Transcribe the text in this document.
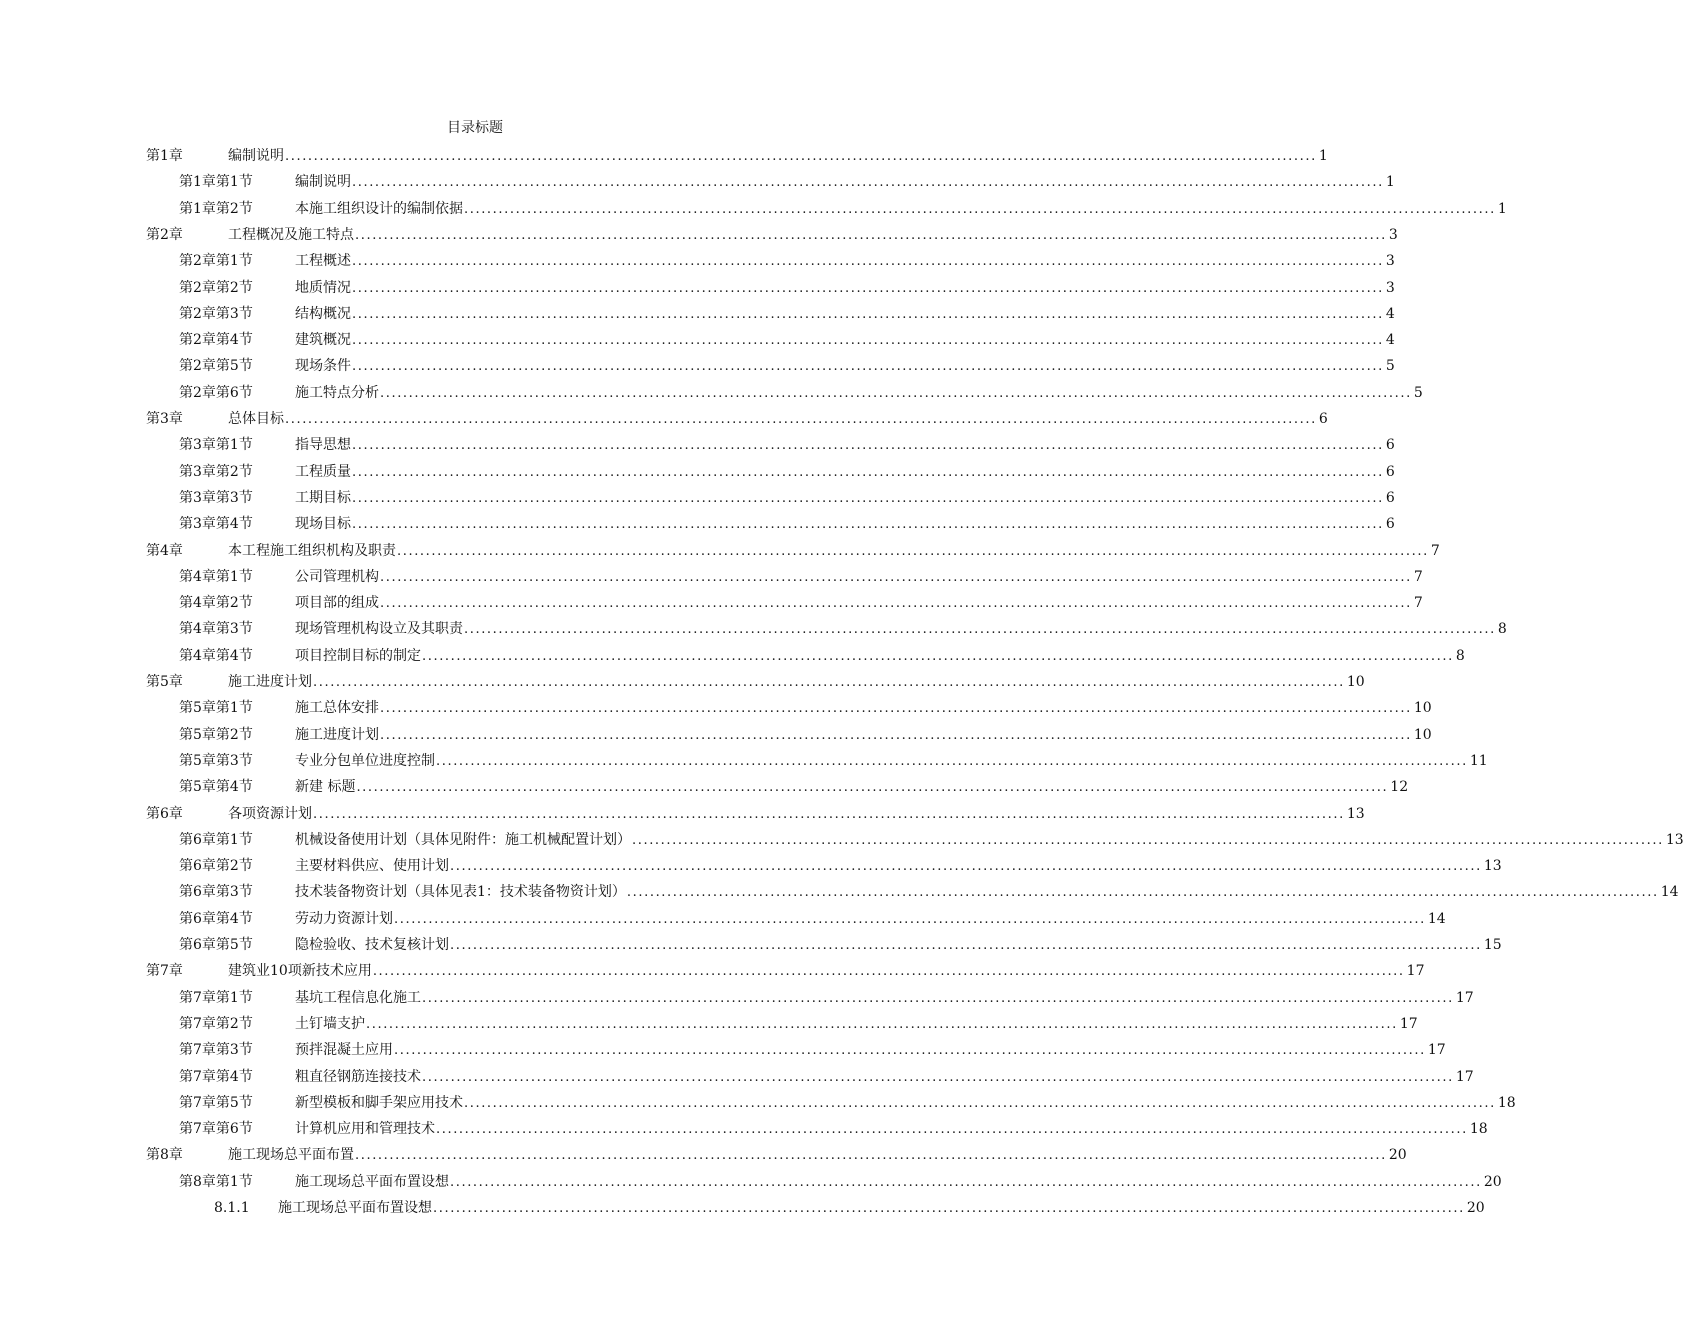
目录标题
第1章	编制说明 .................................................................................................................................................................................... 1
第1章第1节	编制说明 .................................................................................................................................................................................... 1
第1章第2节	本施工组织设计的编制依据 .................................................................................................................................................................................... 1
第2章	工程概况及施工特点 .................................................................................................................................................................................... 3
第2章第1节	工程概述 .................................................................................................................................................................................... 3
第2章第2节	地质情况 .................................................................................................................................................................................... 3
第2章第3节	结构概况 .................................................................................................................................................................................... 4
第2章第4节	建筑概况 .................................................................................................................................................................................... 4
第2章第5节	现场条件 .................................................................................................................................................................................... 5
第2章第6节	施工特点分析 .................................................................................................................................................................................... 5
第3章	总体目标 .................................................................................................................................................................................... 6
第3章第1节	指导思想 .................................................................................................................................................................................... 6
第3章第2节	工程质量 .................................................................................................................................................................................... 6
第3章第3节	工期目标 .................................................................................................................................................................................... 6
第3章第4节	现场目标 .................................................................................................................................................................................... 6
第4章	本工程施工组织机构及职责 .................................................................................................................................................................................... 7
第4章第1节	公司管理机构 .................................................................................................................................................................................... 7
第4章第2节	项目部的组成 .................................................................................................................................................................................... 7
第4章第3节	现场管理机构设立及其职责 .................................................................................................................................................................................... 8
第4章第4节	项目控制目标的制定 .................................................................................................................................................................................... 8
第5章	施工进度计划 .................................................................................................................................................................................... 10
第5章第1节	施工总体安排 .................................................................................................................................................................................... 10
第5章第2节	施工进度计划 .................................................................................................................................................................................... 10
第5章第3节	专业分包单位进度控制 .................................................................................................................................................................................... 11
第5章第4节	新建 标题 .................................................................................................................................................................................... 12
第6章	各项资源计划 .................................................................................................................................................................................... 13
第6章第1节	机械设备使用计划（具体见附件：施工机械配置计划） .................................................................................................................................................................................... 13
第6章第2节	主要材料供应、使用计划 .................................................................................................................................................................................... 13
第6章第3节	技术装备物资计划（具体见表1：技术装备物资计划） .................................................................................................................................................................................... 14
第6章第4节	劳动力资源计划 .................................................................................................................................................................................... 14
第6章第5节	隐检验收、技术复核计划 .................................................................................................................................................................................... 15
第7章	建筑业10项新技术应用 .................................................................................................................................................................................... 17
第7章第1节	基坑工程信息化施工 .................................................................................................................................................................................... 17
第7章第2节	土钉墙支护 .................................................................................................................................................................................... 17
第7章第3节	预拌混凝土应用 .................................................................................................................................................................................... 17
第7章第4节	粗直径钢筋连接技术 .................................................................................................................................................................................... 17
第7章第5节	新型模板和脚手架应用技术 .................................................................................................................................................................................... 18
第7章第6节	计算机应用和管理技术 .................................................................................................................................................................................... 18
第8章	施工现场总平面布置 .................................................................................................................................................................................... 20
第8章第1节	施工现场总平面布置设想 .................................................................................................................................................................................... 20
8.1.1	施工现场总平面布置设想 .................................................................................................................................................................................... 20
